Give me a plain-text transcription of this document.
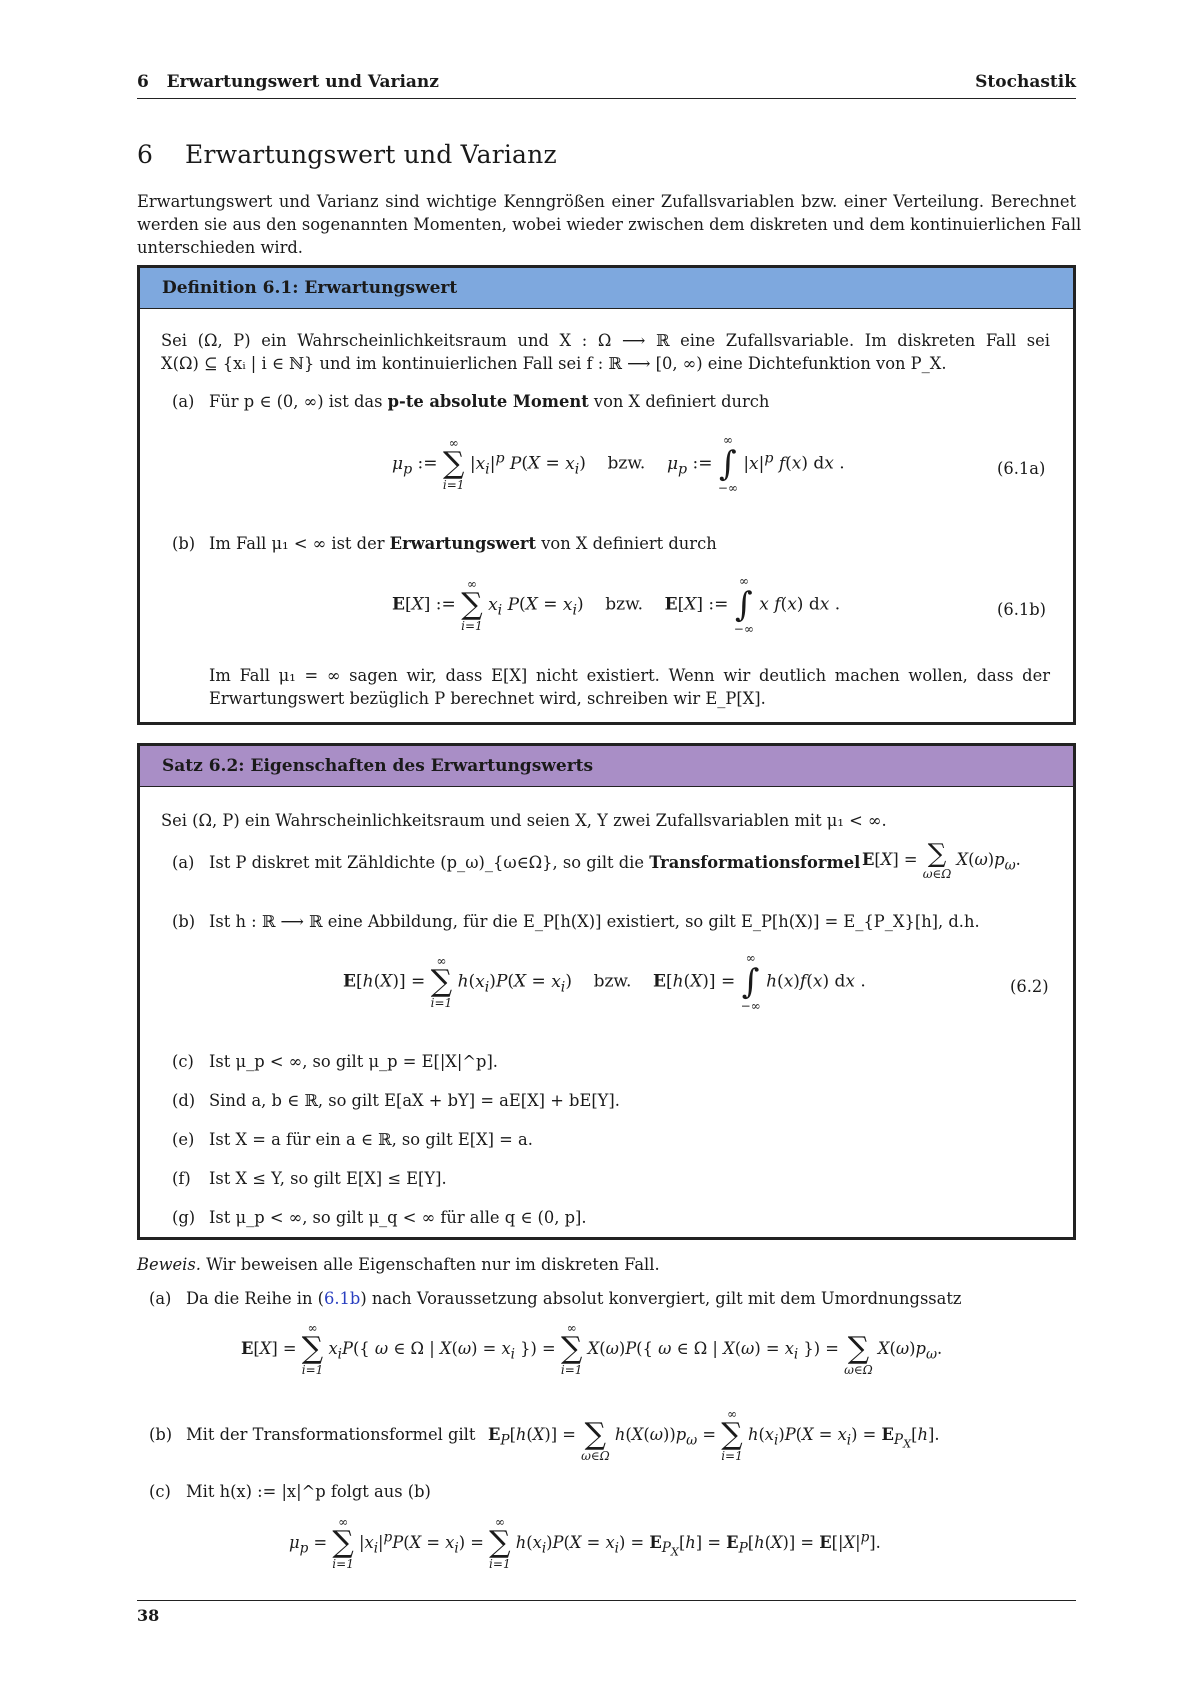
6   Erwartungswert und Varianz	Stochastik
6 Erwartungswert und Varianz
Erwartungswert und Varianz sind wichtige Kenngrößen einer Zufallsvariablen bzw. einer Verteilung. Berechnet
werden sie aus den sogenannten Momenten, wobei wieder zwischen dem diskreten und dem kontinuierlichen Fall
unterschieden wird.
Definition 6.1: Erwartungswert
Sei (Ω, P) ein Wahrscheinlichkeitsraum und X : Ω ⟶ ℝ eine Zufallsvariable. Im diskreten Fall sei
X(Ω) ⊆ {xᵢ | i ∈ ℕ} und im kontinuierlichen Fall sei f : ℝ ⟶ [0, ∞) eine Dichtefunktion von P_X.
(a) Für p ∈ (0, ∞) ist das p-te absolute Moment von X definiert durch
$\mu_p$ :=
∞
∑
i=1
$|x_i|^p$ $P(X = x_i)$    bzw. $\mu_p$ :=
∞
∫
−∞
$|x|^p$ f(x) dx .	(6.1a)
(b) Im Fall μ₁ < ∞ ist der Erwartungswert von X definiert durch
E[X] :=
∞
∑
i=1
$x_i$ $P(X = x_i)$    bzw. E[X] :=
∞
∫
−∞
x f(x) dx .	(6.1b)
Im Fall μ₁ = ∞ sagen wir, dass E[X] nicht existiert. Wenn wir deutlich machen wollen, dass der
Erwartungswert bezüglich P berechnet wird, schreiben wir E_P[X].
Satz 6.2: Eigenschaften des Erwartungswerts
Sei (Ω, P) ein Wahrscheinlichkeitsraum und seien X, Y zwei Zufallsvariablen mit μ₁ < ∞.
(a) Ist P diskret mit Zähldichte (p_ω)_{ω∈Ω}, so gilt die Transformationsformel E[X] = ∑
ω∈Ω
$X(\omega)p_\omega$.
(b) Ist h : ℝ ⟶ ℝ eine Abbildung, für die E_P[h(X)] existiert, so gilt E_P[h(X)] = E_{P_X}[h], d.h.
E[h(X)] =
∞
∑
i=1
$h(x_i)P(X = x_i)$    bzw. E[h(X)] =
∞
∫
−∞
h(x)f(x) dx .	(6.2)
(c) Ist μ_p < ∞, so gilt μ_p = E[|X|^p].
(d) Sind a, b ∈ ℝ, so gilt E[aX + bY] = aE[X] + bE[Y].
(e) Ist X = a für ein a ∈ ℝ, so gilt E[X] = a.
(f) Ist X ≤ Y, so gilt E[X] ≤ E[Y].
(g) Ist μ_p < ∞, so gilt μ_q < ∞ für alle q ∈ (0, p].
Beweis. Wir beweisen alle Eigenschaften nur im diskreten Fall.
(a) Da die Reihe in (6.1b) nach Voraussetzung absolut konvergiert, gilt mit dem Umordnungssatz
E[X] =
∞
∑
i=1
$x_iP$({ ω ∈ Ω | $X(\omega) = x_i$ }) =
∞
∑
i=1
X(ω)P({ ω ∈ Ω | $X(\omega) = x_i$ }) =
∑
ω∈Ω
$X(\omega)p_\omega$.
(b) Mit der Transformationsformel gilt $E_P[h(X)]$ =
∑
ω∈Ω
$h(X(\omega))p_\omega$ =
∞
∑
i=1
$h(x_i)P(X = x_i) = E_{P_X}[h]$.
(c) Mit h(x) := |x|^p folgt aus (b)
$\mu_p$ =
∞
∑
i=1
$|x_i|^pP(X = x_i)$ =
∞
∑
i=1
$h(x_i)P(X = x_i) = E_{P_X}[h] = E_P[h(X)] = E[|X|^p]$.
38
